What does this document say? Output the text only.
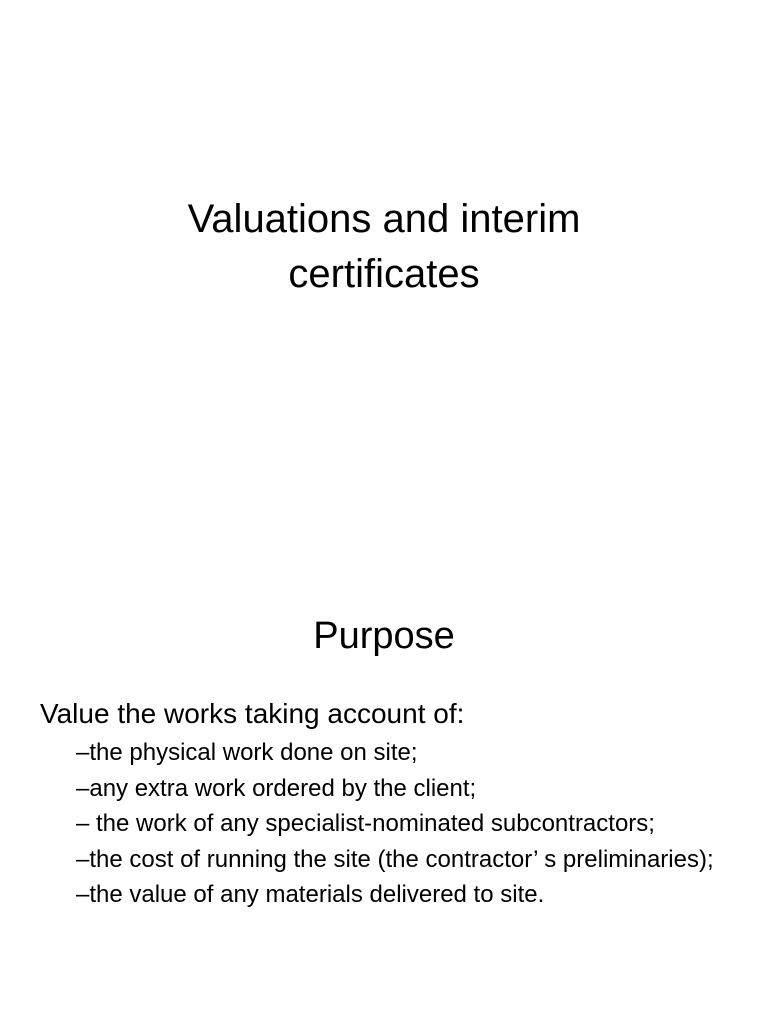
Valuations and interim
certificates
Purpose

Value the works taking account of:

–the physical work done on site;
–any extra work ordered by the client;
– the work of any specialist-nominated subcontractors;
–the cost of running the site (the contractor’ s preliminaries);
–the value of any materials delivered to site.
